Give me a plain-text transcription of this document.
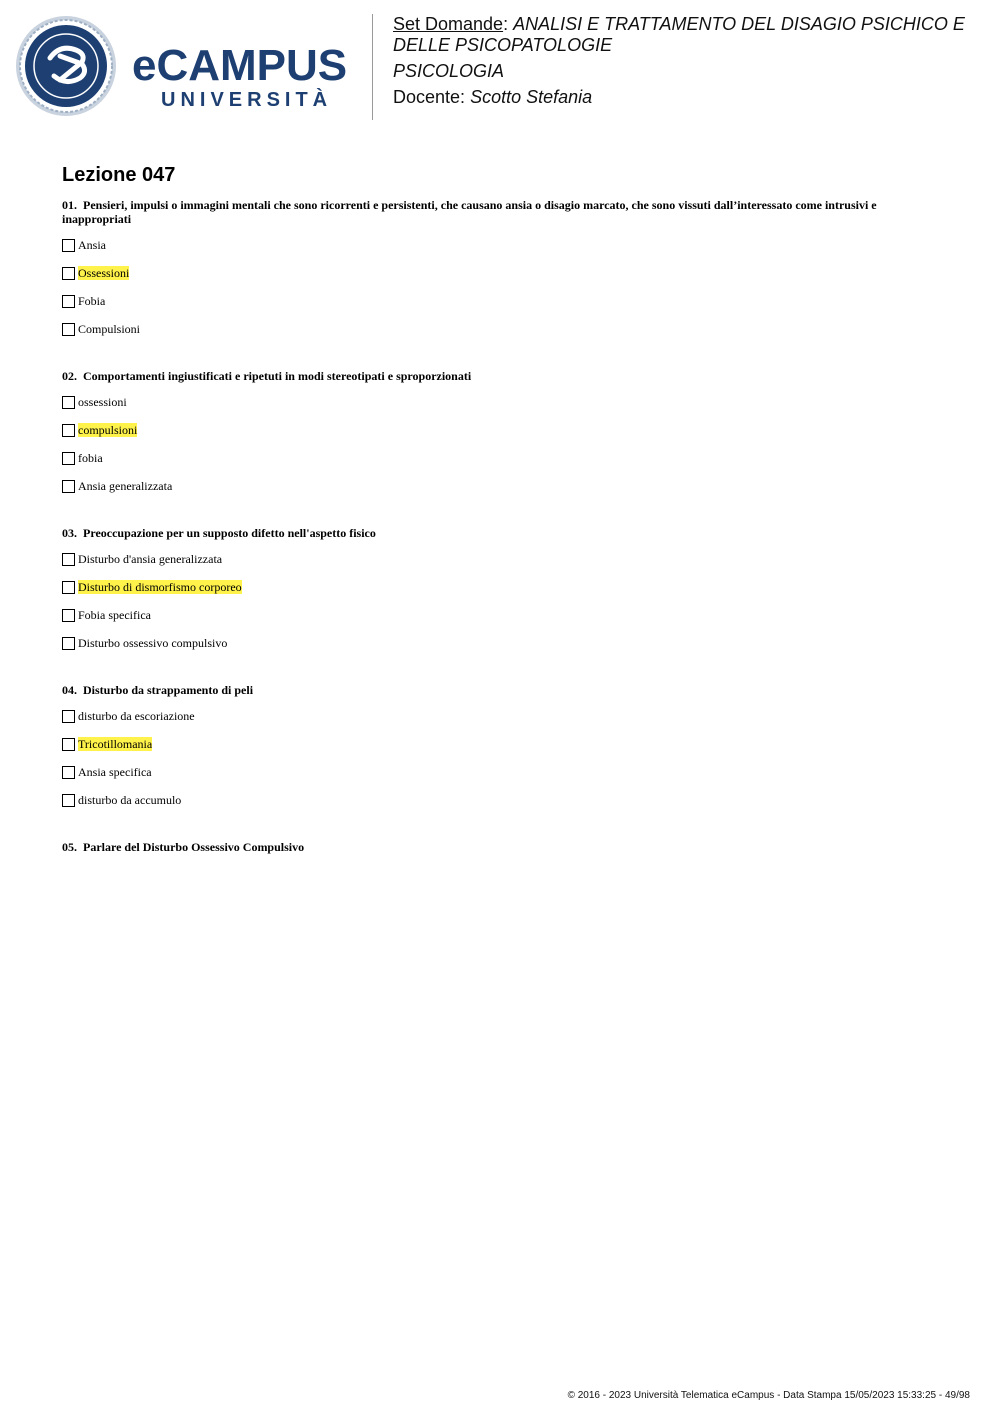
eCAMPUS
UNIVERSITÀ

Set Domande: ANALISI E TRATTAMENTO DEL DISAGIO PSICHICO E

DELLE PSICOPATOLOGIE

PSICOLOGIA

Docente: Scotto Stefania

Lezione 047

01. Pensieri, impulsi o immagini mentali che sono ricorrenti e persistenti, che causano ansia o disagio marcato, che sono vissuti dall’interessato come intrusivi e inappropriati

Ansia
Ossessioni
Fobia
Compulsioni

02. Comportamenti ingiustificati e ripetuti in modi stereotipati e sproporzionati

ossessioni
compulsioni
fobia
Ansia generalizzata

03. Preoccupazione per un supposto difetto nell'aspetto fisico

Disturbo d'ansia generalizzata
Disturbo di dismorfismo corporeo
Fobia specifica
Disturbo ossessivo compulsivo

04. Disturbo da strappamento di peli

disturbo da escoriazione
Tricotillomania
Ansia specifica
disturbo da accumulo

05. Parlare del Disturbo Ossessivo Compulsivo

© 2016 - 2023 Università Telematica eCampus - Data Stampa 15/05/2023 15:33:25 - 49/98
